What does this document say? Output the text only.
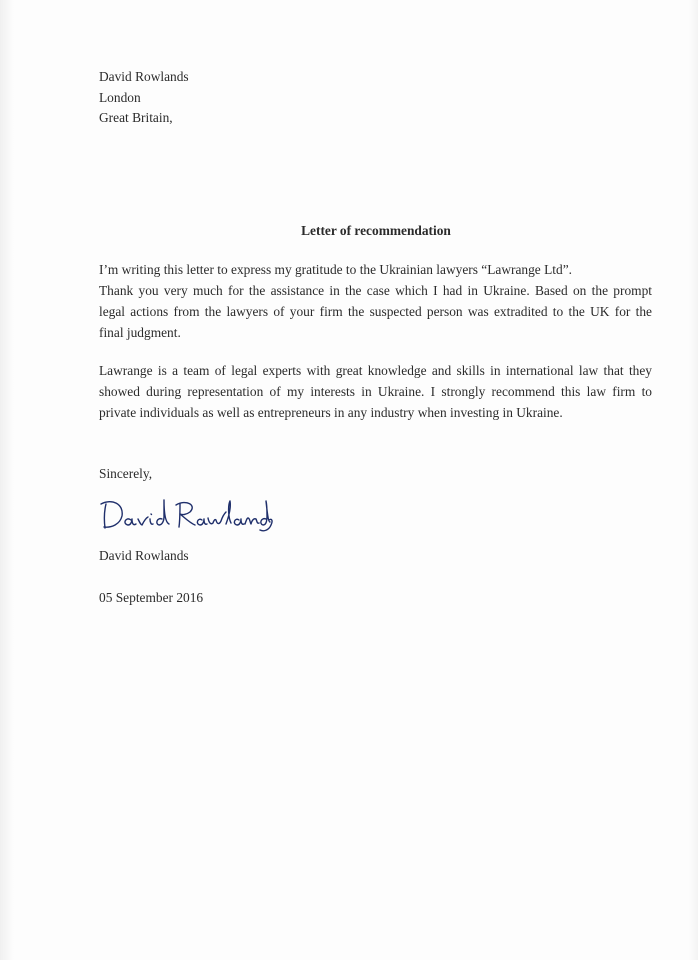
David Rowlands
London
Great Britain,
Letter of recommendation
I’m writing this letter to express my gratitude to the Ukrainian lawyers “Lawrange Ltd”.
Thank you very much for the assistance in the case which I had in Ukraine. Based on the prompt
legal actions from the lawyers of your firm the suspected person was extradited to the UK for the
final judgment.
Lawrange is a team of legal experts with great knowledge and skills in international law that they
showed during representation of my interests in Ukraine. I strongly recommend this law firm to
private individuals as well as entrepreneurs in any industry when investing in Ukraine.
Sincerely,
David Rowlands
05 September 2016
